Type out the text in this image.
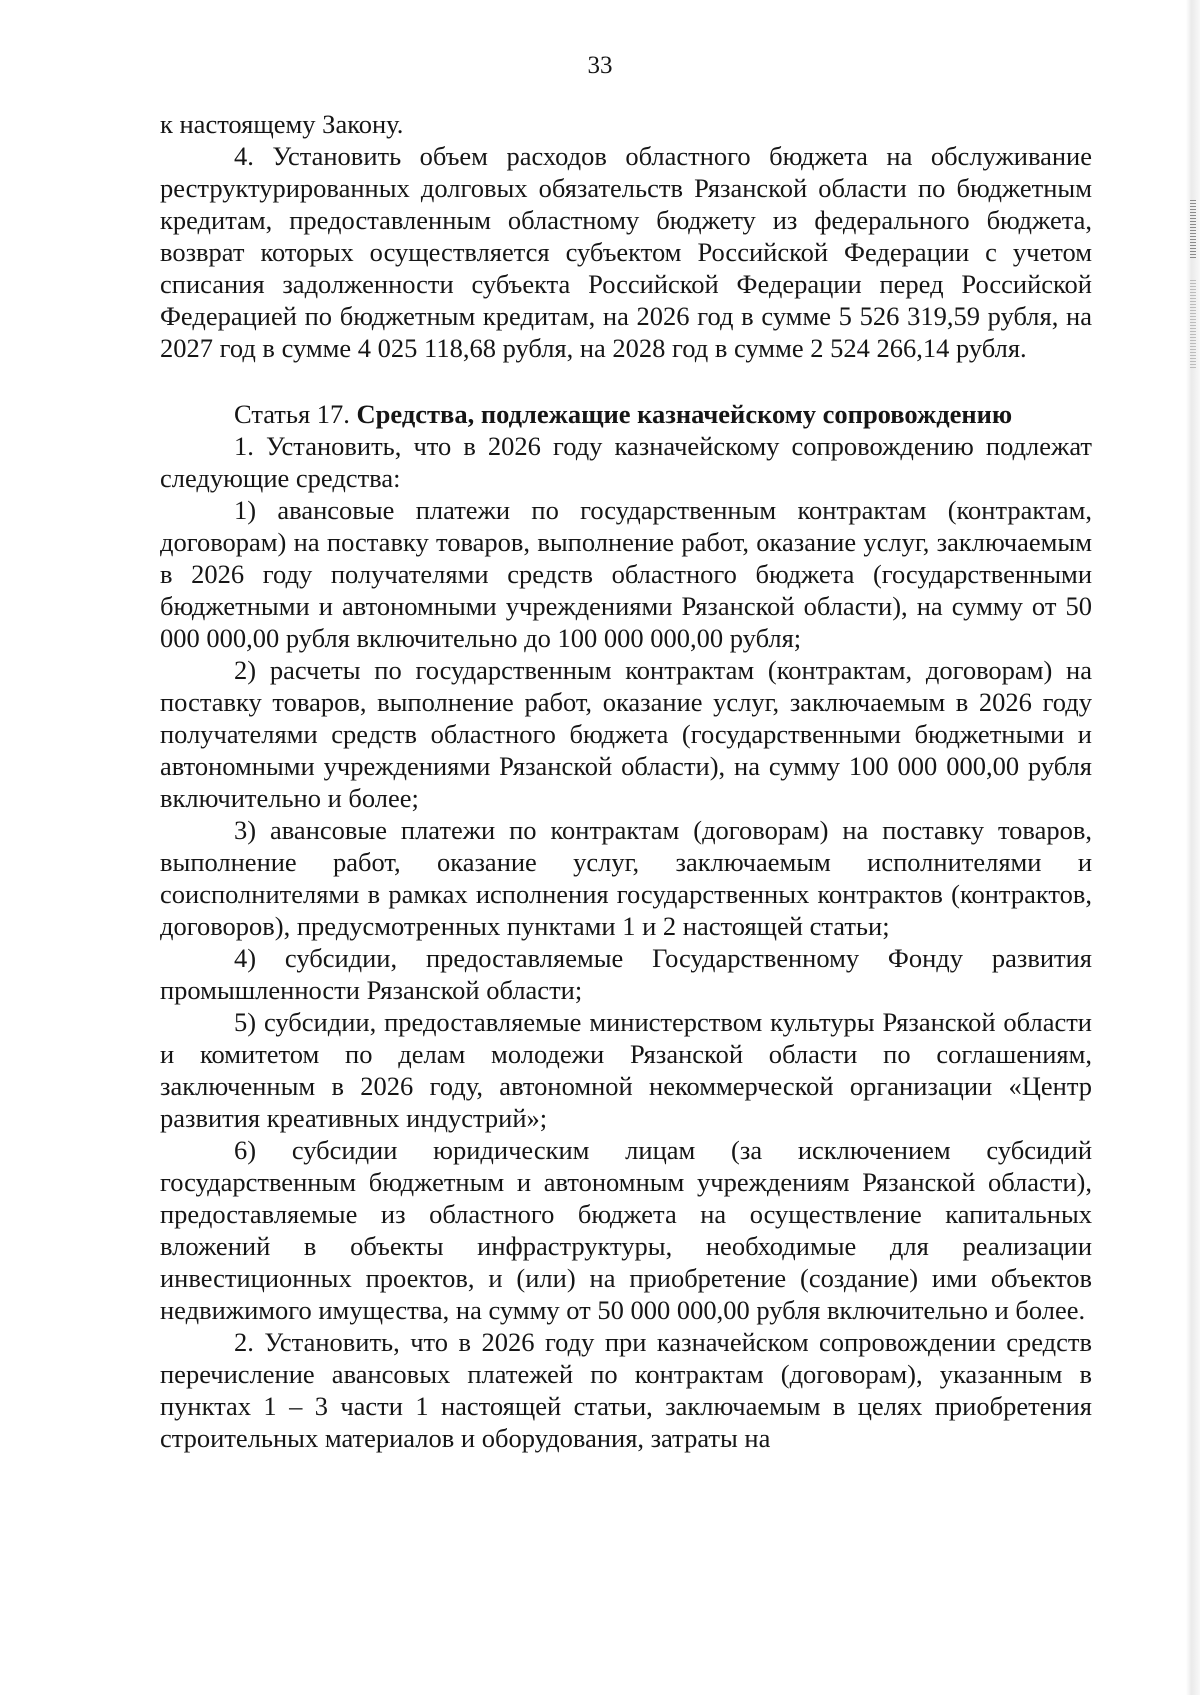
33

к настоящему Закону.

4. Установить объем расходов областного бюджета на обслуживание реструктурированных долговых обязательств Рязанской области по бюджетным кредитам, предоставленным областному бюджету из федерального бюджета, возврат которых осуществляется субъектом Российской Федерации с учетом списания задолженности субъекта Российской Федерации перед Российской Федерацией по бюджетным кредитам, на 2026 год в сумме 5 526 319,59 рубля, на 2027 год в сумме 4 025 118,68 рубля, на 2028 год в сумме 2 524 266,14 рубля.

Статья 17. Средства, подлежащие казначейскому сопровождению

1. Установить, что в 2026 году казначейскому сопровождению подлежат следующие средства:

1) авансовые платежи по государственным контрактам (контрактам, договорам) на поставку товаров, выполнение работ, оказание услуг, заключаемым в 2026 году получателями средств областного бюджета (государственными бюджетными и автономными учреждениями Рязанской области), на сумму от 50 000 000,00 рубля включительно до 100 000 000,00 рубля;

2) расчеты по государственным контрактам (контрактам, договорам) на поставку товаров, выполнение работ, оказание услуг, заключаемым в 2026 году получателями средств областного бюджета (государственными бюджетными и автономными учреждениями Рязанской области), на сумму 100 000 000,00 рубля включительно и более;

3) авансовые платежи по контрактам (договорам) на поставку товаров, выполнение работ, оказание услуг, заключаемым исполнителями и соисполнителями в рамках исполнения государственных контрактов (контрактов, договоров), предусмотренных пунктами 1 и 2 настоящей статьи;

4) субсидии, предоставляемые Государственному Фонду развития промышленности Рязанской области;

5) субсидии, предоставляемые министерством культуры Рязанской области и комитетом по делам молодежи Рязанской области по соглашениям, заключенным в 2026 году, автономной некоммерческой организации «Центр развития креативных индустрий»;

6) субсидии юридическим лицам (за исключением субсидий государственным бюджетным и автономным учреждениям Рязанской области), предоставляемые из областного бюджета на осуществление капитальных вложений в объекты инфраструктуры, необходимые для реализации инвестиционных проектов, и (или) на приобретение (создание) ими объектов недвижимого имущества, на сумму от 50 000 000,00 рубля включительно и более.

2. Установить, что в 2026 году при казначейском сопровождении средств перечисление авансовых платежей по контрактам (договорам), указанным в пунктах 1 – 3 части 1 настоящей статьи, заключаемым в целях приобретения строительных материалов и оборудования, затраты на
